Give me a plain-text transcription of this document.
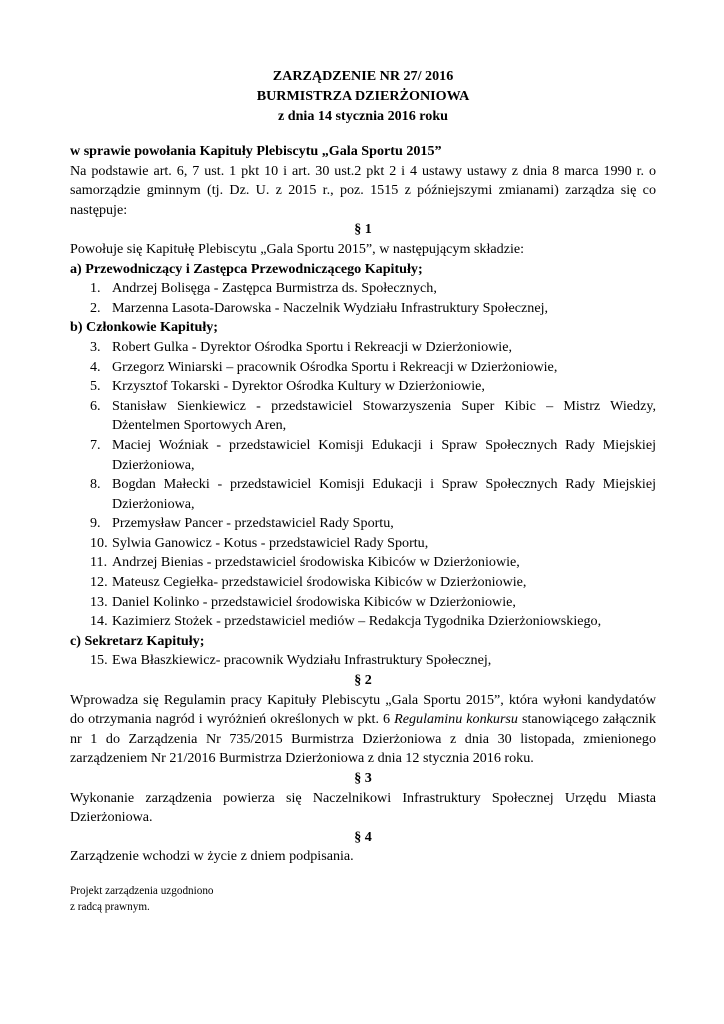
ZARZĄDZENIE NR 27/ 2016
BURMISTRZA DZIERŻONIOWA
z dnia 14 stycznia 2016 roku
w sprawie powołania Kapituły Plebiscytu „Gala Sportu 2015”
Na podstawie art. 6, 7 ust. 1 pkt 10 i art. 30 ust.2 pkt 2 i 4 ustawy ustawy z dnia 8 marca 1990 r. o samorządzie gminnym (tj. Dz. U. z 2015 r., poz. 1515 z późniejszymi zmianami) zarządza się co następuje:
§ 1
Powołuje się Kapitułę Plebiscytu „Gala Sportu 2015”, w następującym składzie:
a) Przewodniczący i Zastępca Przewodniczącego Kapituły;
1. Andrzej Bolisęga - Zastępca Burmistrza ds. Społecznych,
2. Marzenna Lasota-Darowska - Naczelnik Wydziału Infrastruktury Społecznej,
b) Członkowie Kapituły;
3. Robert Gulka - Dyrektor Ośrodka Sportu i Rekreacji w Dzierżoniowie,
4. Grzegorz Winiarski – pracownik Ośrodka Sportu i Rekreacji w Dzierżoniowie,
5. Krzysztof Tokarski - Dyrektor Ośrodka Kultury w Dzierżoniowie,
6. Stanisław Sienkiewicz - przedstawiciel Stowarzyszenia Super Kibic – Mistrz Wiedzy, Dżentelmen Sportowych Aren,
7. Maciej Woźniak - przedstawiciel Komisji Edukacji i Spraw Społecznych Rady Miejskiej Dzierżoniowa,
8. Bogdan Małecki - przedstawiciel Komisji Edukacji i Spraw Społecznych Rady Miejskiej Dzierżoniowa,
9. Przemysław Pancer - przedstawiciel Rady Sportu,
10. Sylwia Ganowicz - Kotus - przedstawiciel Rady Sportu,
11. Andrzej Bienias - przedstawiciel środowiska Kibiców w Dzierżoniowie,
12. Mateusz Cegiełka- przedstawiciel środowiska Kibiców w Dzierżoniowie,
13. Daniel Kolinko - przedstawiciel środowiska Kibiców w Dzierżoniowie,
14. Kazimierz Stożek - przedstawiciel mediów – Redakcja Tygodnika Dzierżoniowskiego,
c) Sekretarz Kapituły;
15. Ewa Błaszkiewicz- pracownik Wydziału Infrastruktury Społecznej,
§ 2
Wprowadza się Regulamin pracy Kapituły Plebiscytu „Gala Sportu 2015”, która wyłoni kandydatów do otrzymania nagród i wyróżnień określonych w pkt. 6 Regulaminu konkursu stanowiącego załącznik nr 1 do Zarządzenia Nr 735/2015 Burmistrza Dzierżoniowa z dnia 30 listopada, zmienionego zarządzeniem Nr 21/2016 Burmistrza Dzierżoniowa z dnia 12 stycznia 2016 roku.
§ 3
Wykonanie zarządzenia powierza się Naczelnikowi Infrastruktury Społecznej Urzędu Miasta Dzierżoniowa.
§ 4
Zarządzenie wchodzi w życie z dniem podpisania.
Projekt zarządzenia uzgodniono
z radcą prawnym.
